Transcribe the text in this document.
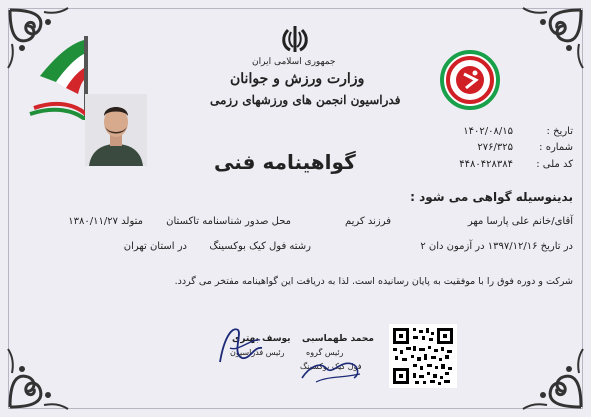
جمهوری اسلامی ایران
وزارت ورزش و جوانان
فدراسیون انجمن های ورزشهای رزمی
گواهینامه فنی
تاریخ :
۱۴۰۲/۰۸/۱۵
شماره :
۲۷۶/۳۲۵
کد ملی :
۴۴۸۰۴۲۸۳۸۴
بدینوسیله گواهی می شود :
آقای/خانم علی پارسا مهر
فرزند کریم
محل صدور شناسنامه تاکستان
متولد ۱۳۸۰/۱۱/۲۷
در تاریخ ۱۳۹۷/۱۲/۱۶ در آزمون دان ۲
رشته فول کیک بوکسینگ
در استان تهران
شرکت و دوره فوق را با موفقیت به پایان رسانیده است. لذا به دریافت این گواهینامه مفتخر می گردد.
یوسف بهتری
رئیس فدراسیون
محمد طهماسبی
رئیس گروه
فول کیک بوکسینگ
